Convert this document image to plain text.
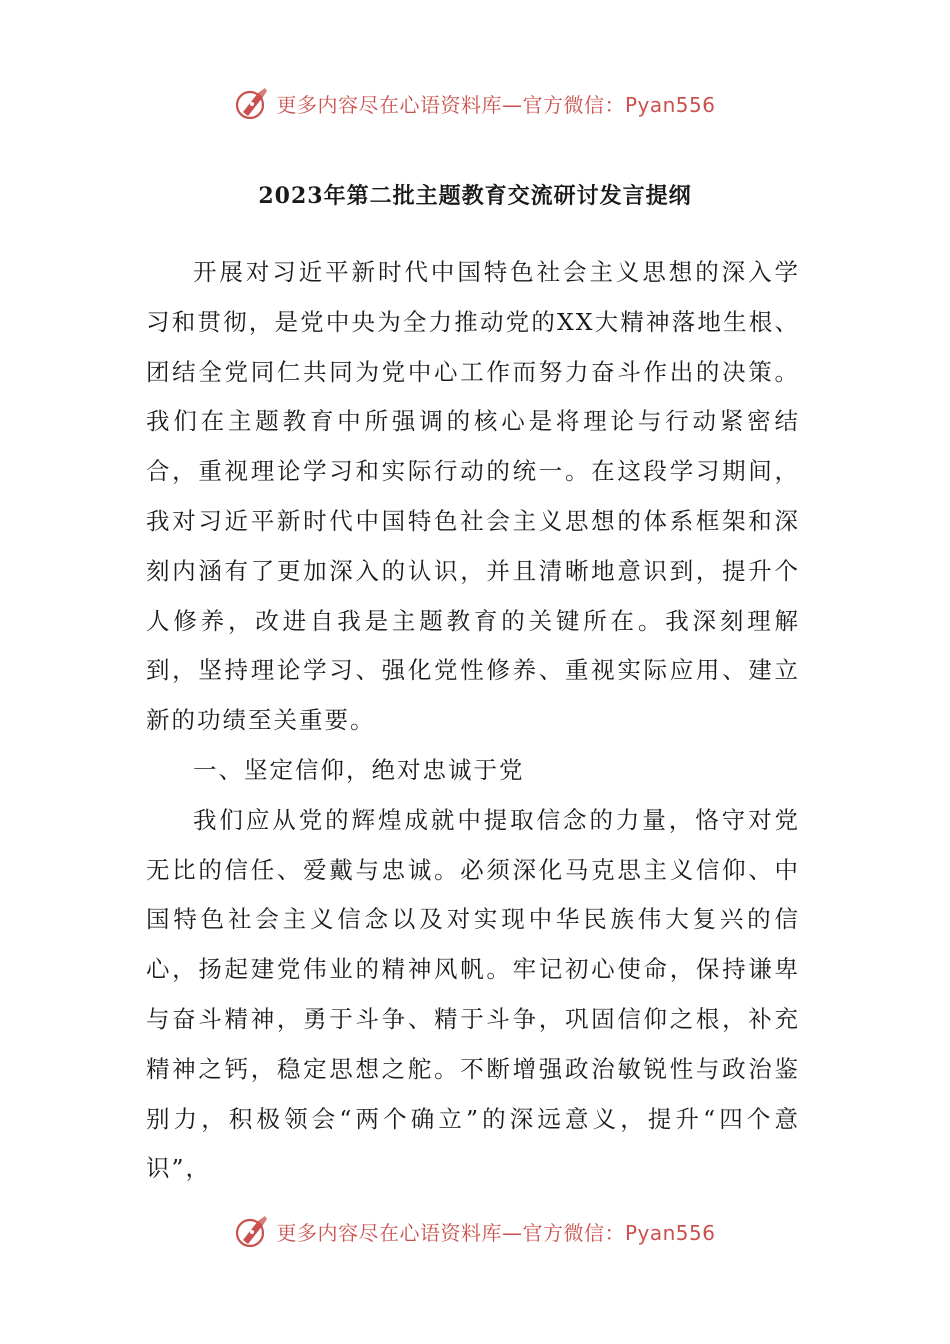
更多内容尽在心语资料库—官方微信：Pyan556
2023年第二批主题教育交流研讨发言提纲

开展对习近平新时代中国特色社会主义思想的深入学习和贯彻，是党中央为全力推动党的XX大精神落地生根、团结全党同仁共同为党中心工作而努力奋斗作出的决策。我们在主题教育中所强调的核心是将理论与行动紧密结合，重视理论学习和实际行动的统一。在这段学习期间，我对习近平新时代中国特色社会主义思想的体系框架和深刻内涵有了更加深入的认识，并且清晰地意识到，提升个人修养，改进自我是主题教育的关键所在。我深刻理解到，坚持理论学习、强化党性修养、重视实际应用、建立新的功绩至关重要。

一、坚定信仰，绝对忠诚于党

我们应从党的辉煌成就中提取信念的力量，恪守对党无比的信任、爱戴与忠诚。必须深化马克思主义信仰、中国特色社会主义信念以及对实现中华民族伟大复兴的信心，扬起建党伟业的精神风帆。牢记初心使命，保持谦卑与奋斗精神，勇于斗争、精于斗争，巩固信仰之根，补充精神之钙，稳定思想之舵。不断增强政治敏锐性与政治鉴别力，积极领会“两个确立”的深远意义，提升“四个意识”，

更多内容尽在心语资料库—官方微信：Pyan556
